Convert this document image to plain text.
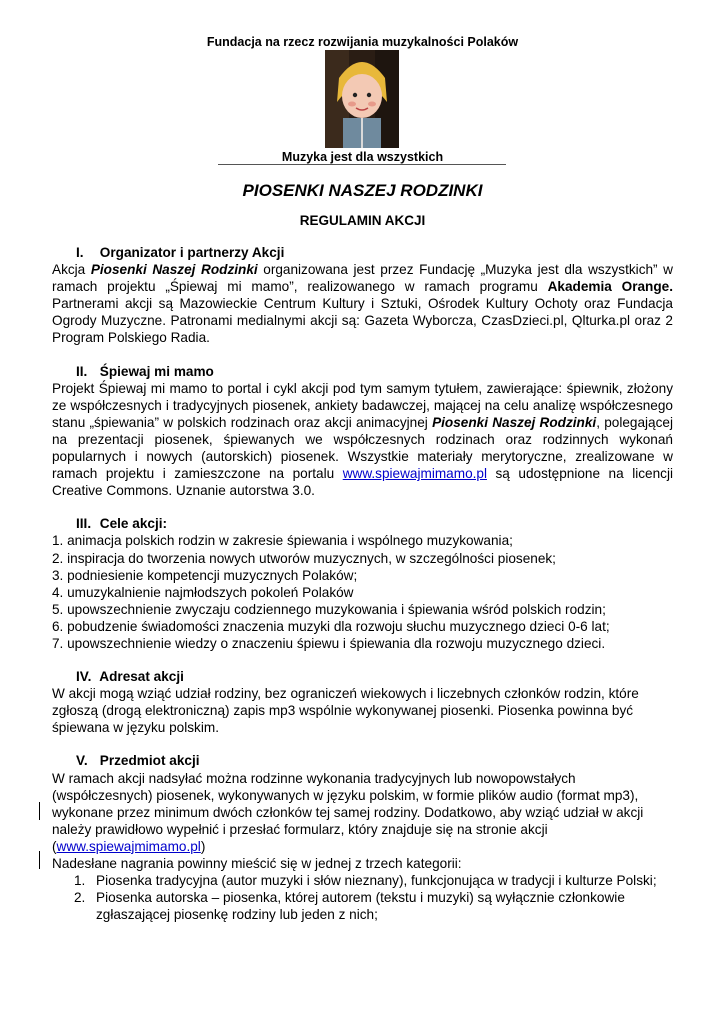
Fundacja na rzecz rozwijania muzykalności Polaków
Muzyka jest dla wszystkich
PIOSENKI NASZEJ RODZINKI
REGULAMIN AKCJI
I. Organizator i partnerzy Akcji

Akcja Piosenki Naszej Rodzinki organizowana jest przez Fundację „Muzyka jest dla wszystkich” w ramach projektu „Śpiewaj mi mamo”, realizowanego w ramach programu Akademia Orange. Partnerami akcji są Mazowieckie Centrum Kultury i Sztuki, Ośrodek Kultury Ochoty oraz Fundacja Ogrody Muzyczne. Patronami medialnymi akcji są: Gazeta Wyborcza, CzasDzieci.pl, Qlturka.pl oraz 2 Program Polskiego Radia.

II. Śpiewaj mi mamo

Projekt Śpiewaj mi mamo to portal i cykl akcji pod tym samym tytułem, zawierające: śpiewnik, złożony ze współczesnych i tradycyjnych piosenek, ankiety badawczej, mającej na celu analizę współczesnego stanu „śpiewania” w polskich rodzinach oraz akcji animacyjnej Piosenki Naszej Rodzinki, polegającej na prezentacji piosenek, śpiewanych we współczesnych rodzinach oraz rodzinnych wykonań popularnych i nowych (autorskich) piosenek. Wszystkie materiały merytoryczne, zrealizowane w ramach projektu i zamieszczone na portalu www.spiewajmimamo.pl są udostępnione na licencji Creative Commons. Uznanie autorstwa 3.0.

III. Cele akcji:
1. animacja polskich rodzin w zakresie śpiewania i wspólnego muzykowania;
2. inspiracja do tworzenia nowych utworów muzycznych, w szczególności piosenek;
3. podniesienie kompetencji muzycznych Polaków;
4. umuzykalnienie najmłodszych pokoleń Polaków
5. upowszechnienie zwyczaju codziennego muzykowania i śpiewania wśród polskich rodzin;
6. pobudzenie świadomości znaczenia muzyki dla rozwoju słuchu muzycznego dzieci 0-6 lat;
7. upowszechnienie wiedzy o znaczeniu śpiewu i śpiewania dla rozwoju muzycznego dzieci.
IV. Adresat akcji

W akcji mogą wziąć udział rodziny, bez ograniczeń wiekowych i liczebnych członków rodzin, które zgłoszą (drogą elektroniczną) zapis mp3 wspólnie wykonywanej piosenki. Piosenka powinna być śpiewana w języku polskim.

V. Przedmiot akcji

W ramach akcji nadsyłać można rodzinne wykonania tradycyjnych lub nowopowstałych (współczesnych) piosenek, wykonywanych w języku polskim, w formie plików audio (format mp3), wykonane przez minimum dwóch członków tej samej rodziny. Dodatkowo, aby wziąć udział w akcji należy prawidłowo wypełnić i przesłać formularz, który znajduje się na stronie akcji (www.spiewajmimamo.pl)

Nadesłane nagrania powinny mieścić się w jednej z trzech kategorii:

1. Piosenka tradycyjna (autor muzyki i słów nieznany), funkcjonująca w tradycji i kulturze Polski;
2. Piosenka autorska – piosenka, której autorem (tekstu i muzyki) są wyłącznie członkowie zgłaszającej piosenkę rodziny lub jeden z nich;
